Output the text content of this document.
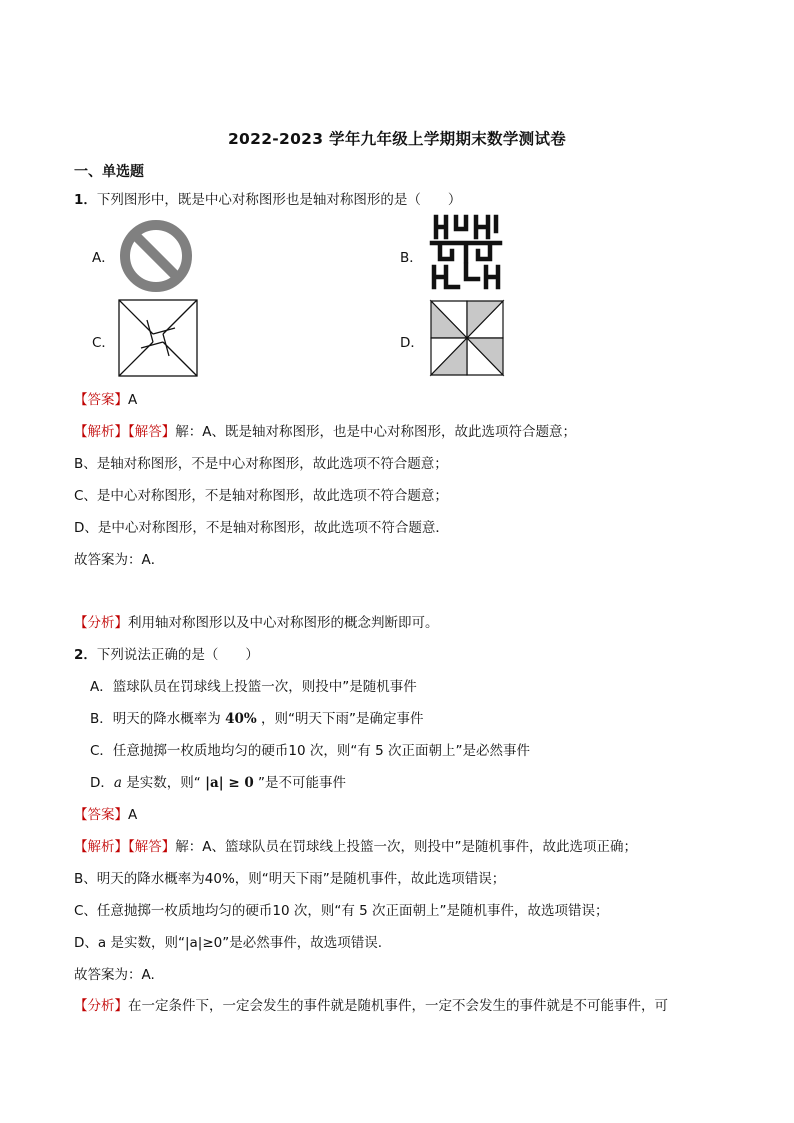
2022-2023 学年九年级上学期期末数学测试卷
一、单选题
1．下列图形中，既是中心对称图形也是轴对称图形的是（　　）
A．	B．
C．	D．
【答案】A
【解析】【解答】解：A、既是轴对称图形，也是中心对称图形，故此选项符合题意；
B、是轴对称图形，不是中心对称图形，故此选项不符合题意；
C、是中心对称图形，不是轴对称图形，故此选项不符合题意；
D、是中心对称图形，不是轴对称图形，故此选项不符合题意．
故答案为：A．
【分析】利用轴对称图形以及中心对称图形的概念判断即可。
2．下列说法正确的是（　　）
A．篮球队员在罚球线上投篮一次，则投中”是随机事件
B．明天的降水概率为 40% ，则“明天下雨”是确定事件
C．任意抛掷一枚质地均匀的硬币10 次，则“有 5 次正面朝上”是必然事件
D．a 是实数，则“ |a| ≥ 0 ”是不可能事件
【答案】A
【解析】【解答】解：A、篮球队员在罚球线上投篮一次，则投中”是随机事件，故此选项正确；
B、明天的降水概率为40%，则“明天下雨”是随机事件，故此选项错误；
C、任意抛掷一枚质地均匀的硬币10 次，则“有 5 次正面朝上”是随机事件，故选项错误；
D、a 是实数，则“|a|≥0”是必然事件，故选项错误.
故答案为：A.
【分析】在一定条件下，一定会发生的事件就是随机事件，一定不会发生的事件就是不可能事件，可
